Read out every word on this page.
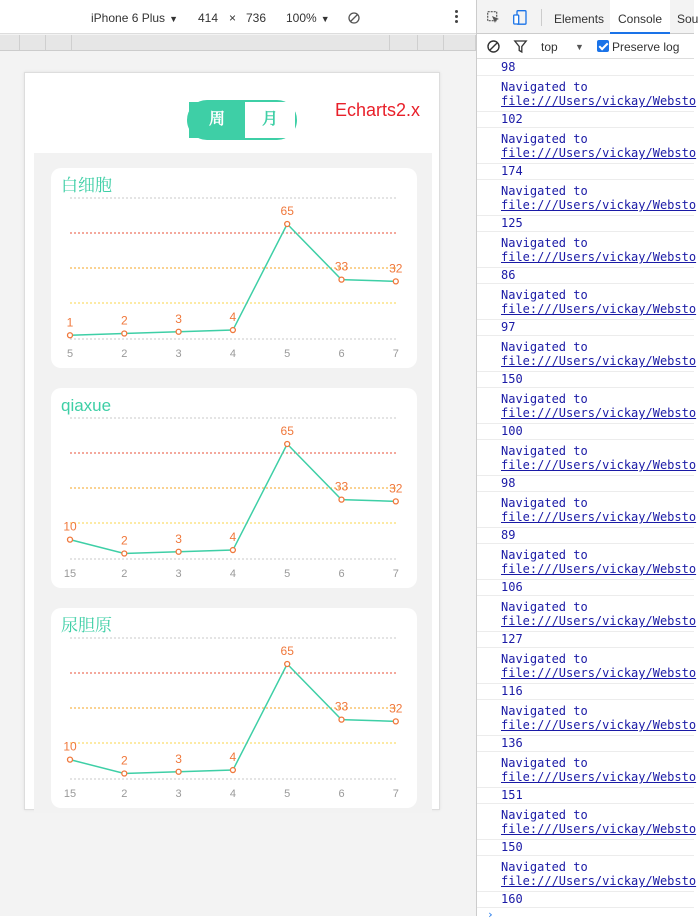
iPhone 6 Plus ▼ 414 × 736 100% ▼
周	月	Echarts2.x
白细胞
1
5
2
2
3
3
4
4
65
5
33
6
32
7
qiaxue
10
15
2
2
3
3
4
4
65
5
33
6
32
7
尿胆原
10
15
2
2
3
3
4
4
65
5
33
6
32
7
Elements	Console	Sou
top ▼ Preserve log
98
Navigated to
file:///Users/vickay/Websto
102
Navigated to
file:///Users/vickay/Websto
174
Navigated to
file:///Users/vickay/Websto
125
Navigated to
file:///Users/vickay/Websto
86
Navigated to
file:///Users/vickay/Websto
97
Navigated to
file:///Users/vickay/Websto
150
Navigated to
file:///Users/vickay/Websto
100
Navigated to
file:///Users/vickay/Websto
98
Navigated to
file:///Users/vickay/Websto
89
Navigated to
file:///Users/vickay/Websto
106
Navigated to
file:///Users/vickay/Websto
127
Navigated to
file:///Users/vickay/Websto
116
Navigated to
file:///Users/vickay/Websto
136
Navigated to
file:///Users/vickay/Websto
151
Navigated to
file:///Users/vickay/Websto
150
Navigated to
file:///Users/vickay/Websto
160
›
